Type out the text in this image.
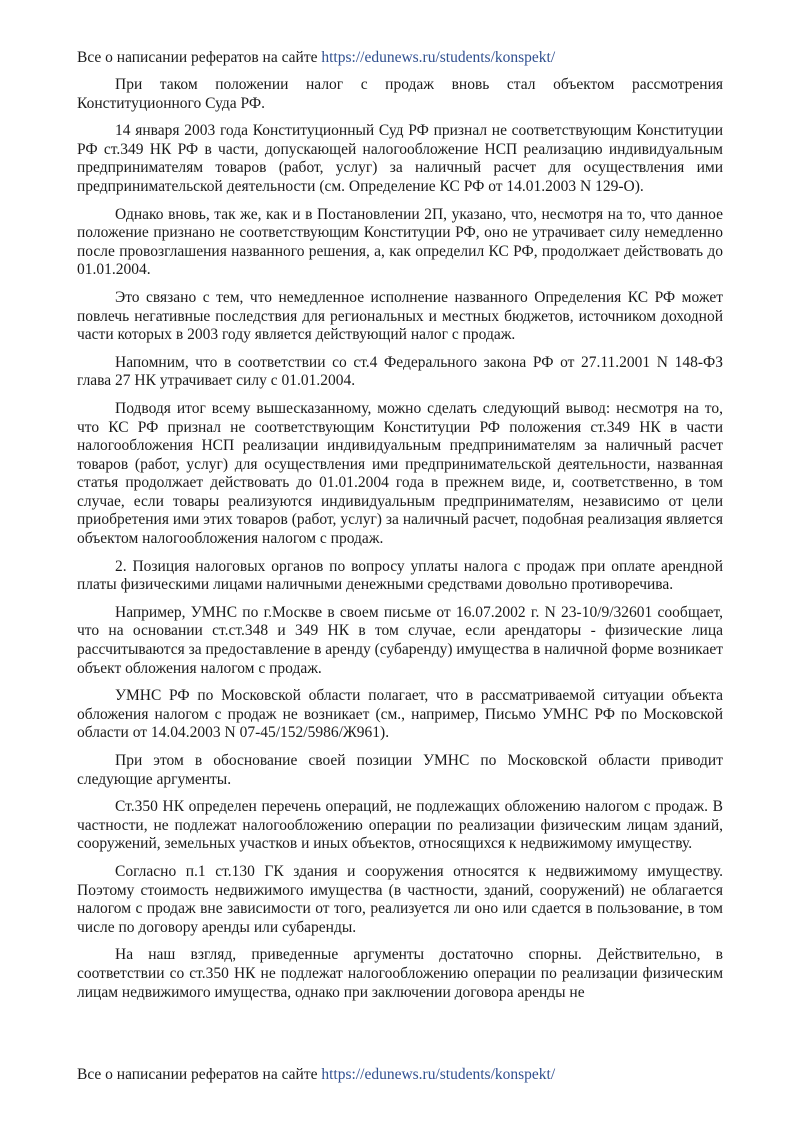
Все о написании рефератов на сайте https://edunews.ru/students/konspekt/

При таком положении налог с продаж вновь стал объектом рассмотрения Конституционного Суда РФ.

14 января 2003 года Конституционный Суд РФ признал не соответствующим Конституции РФ ст.349 НК РФ в части, допускающей налогообложение НСП реализацию индивидуальным предпринимателям товаров (работ, услуг) за наличный расчет для осуществления ими предпринимательской деятельности (см. Определение КС РФ от 14.01.2003 N 129-О).

Однако вновь, так же, как и в Постановлении 2П, указано, что, несмотря на то, что данное положение признано не соответствующим Конституции РФ, оно не утрачивает силу немедленно после провозглашения названного решения, а, как определил КС РФ, продолжает действовать до 01.01.2004.

Это связано с тем, что немедленное исполнение названного Определения КС РФ может повлечь негативные последствия для региональных и местных бюджетов, источником доходной части которых в 2003 году является действующий налог с продаж.

Напомним, что в соответствии со ст.4 Федерального закона РФ от 27.11.2001 N 148-ФЗ глава 27 НК утрачивает силу с 01.01.2004.

Подводя итог всему вышесказанному, можно сделать следующий вывод: несмотря на то, что КС РФ признал не соответствующим Конституции РФ положения ст.349 НК в части налогообложения НСП реализации индивидуальным предпринимателям за наличный расчет товаров (работ, услуг) для осуществления ими предпринимательской деятельности, названная статья продолжает действовать до 01.01.2004 года в прежнем виде, и, соответственно, в том случае, если товары реализуются индивидуальным предпринимателям, независимо от цели приобретения ими этих товаров (работ, услуг) за наличный расчет, подобная реализация является объектом налогообложения налогом с продаж.

2. Позиция налоговых органов по вопросу уплаты налога с продаж при оплате арендной платы физическими лицами наличными денежными средствами довольно противоречива.

Например, УМНС по г.Москве в своем письме от 16.07.2002 г. N 23-10/9/32601 сообщает, что на основании ст.ст.348 и 349 НК в том случае, если арендаторы - физические лица рассчитываются за предоставление в аренду (субаренду) имущества в наличной форме возникает объект обложения налогом с продаж.

УМНС РФ по Московской области полагает, что в рассматриваемой ситуации объекта обложения налогом с продаж не возникает (см., например, Письмо УМНС РФ по Московской области от 14.04.2003 N 07-45/152/5986/Ж961).

При этом в обоснование своей позиции УМНС по Московской области приводит следующие аргументы.

Ст.350 НК определен перечень операций, не подлежащих обложению налогом с продаж. В частности, не подлежат налогообложению операции по реализации физическим лицам зданий, сооружений, земельных участков и иных объектов, относящихся к недвижимому имуществу.

Согласно п.1 ст.130 ГК здания и сооружения относятся к недвижимому имуществу. Поэтому стоимость недвижимого имущества (в частности, зданий, сооружений) не облагается налогом с продаж вне зависимости от того, реализуется ли оно или сдается в пользование, в том числе по договору аренды или субаренды.

На наш взгляд, приведенные аргументы достаточно спорны. Действительно, в соответствии со ст.350 НК не подлежат налогообложению операции по реализации физическим лицам недвижимого имущества, однако при заключении договора аренды не

Все о написании рефератов на сайте https://edunews.ru/students/konspekt/
